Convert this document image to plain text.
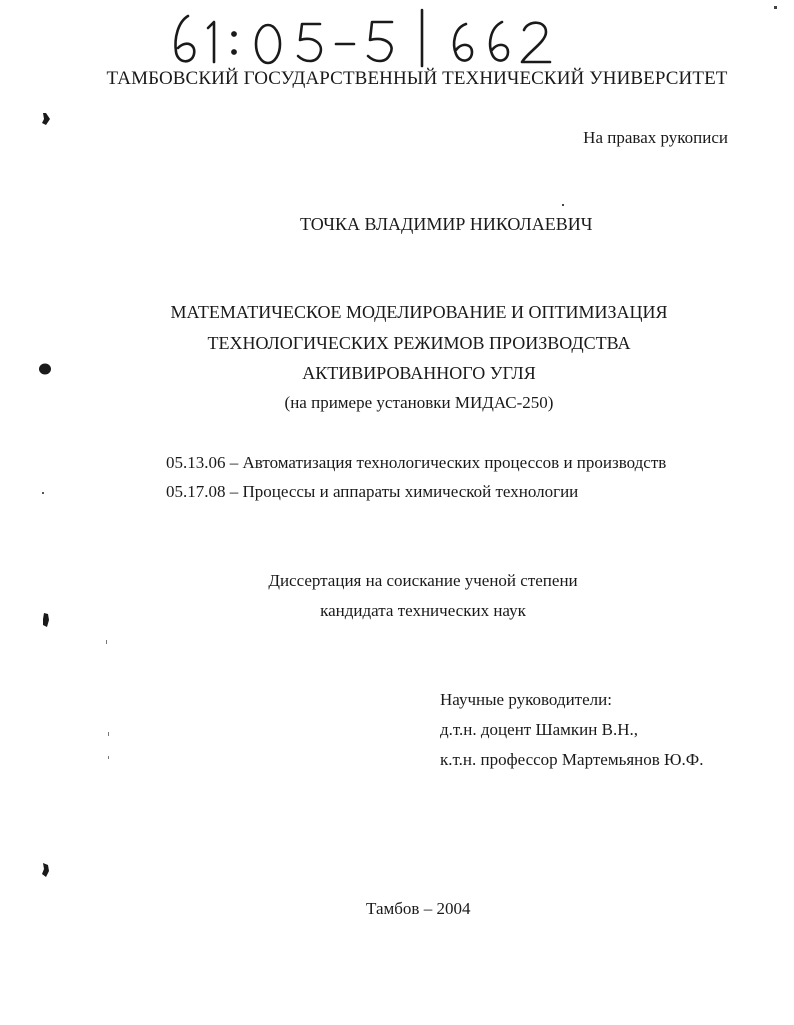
ТАМБОВСКИЙ ГОСУДАРСТВЕННЫЙ ТЕХНИЧЕСКИЙ УНИВЕРСИТЕТ
На правах рукописи
ТОЧКА ВЛАДИМИР НИКОЛАЕВИЧ
МАТЕМАТИЧЕСКОЕ МОДЕЛИРОВАНИЕ И ОПТИМИЗАЦИЯ
ТЕХНОЛОГИЧЕСКИХ РЕЖИМОВ ПРОИЗВОДСТВА
АКТИВИРОВАННОГО УГЛЯ
(на примере установки МИДАС-250)
05.13.06 – Автоматизация технологических процессов и производств
05.17.08 – Процессы и аппараты химической технологии
Диссертация на соискание ученой степени
кандидата технических наук
Научные руководители:
д.т.н. доцент Шамкин В.Н.,
к.т.н. профессор Мартемьянов Ю.Ф.
Тамбов – 2004
